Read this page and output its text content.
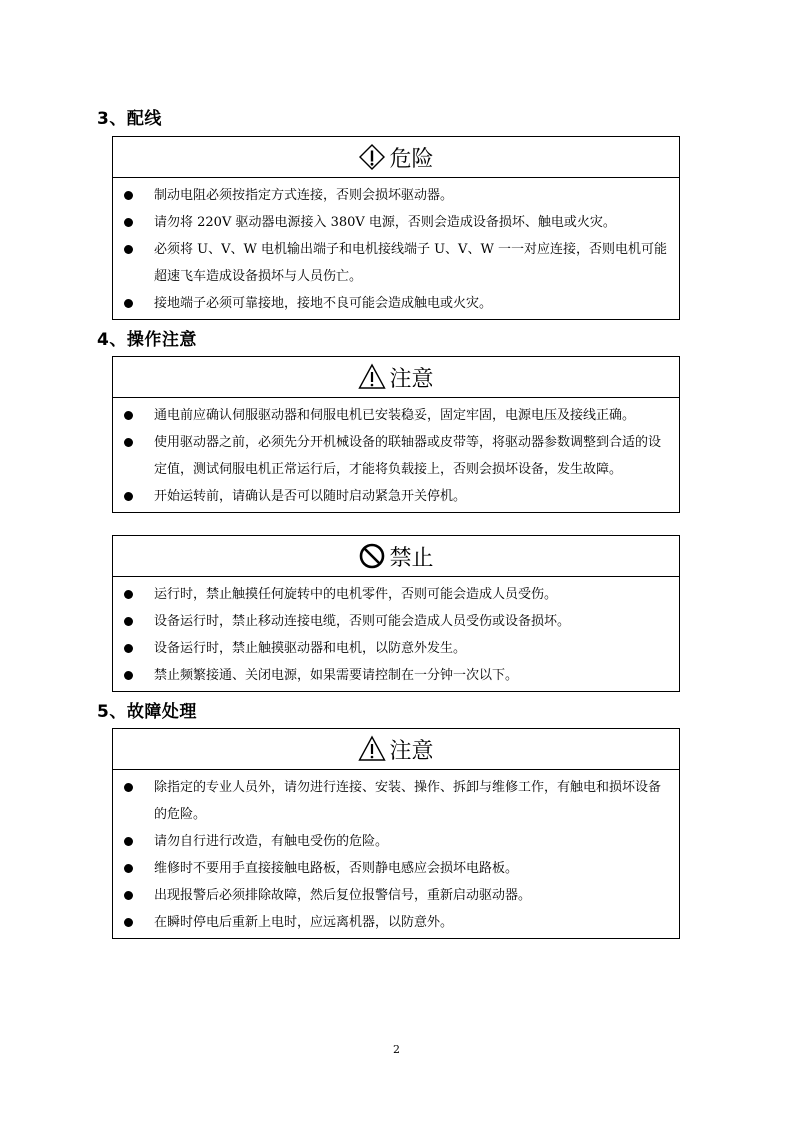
3、配线
危险
制动电阻必须按指定方式连接，否则会损坏驱动器。
请勿将 220V 驱动器电源接入 380V 电源，否则会造成设备损坏、触电或火灾。
必须将 U、V、W 电机输出端子和电机接线端子 U、V、W 一一对应连接，否则电机可能超速飞车造成设备损坏与人员伤亡。
接地端子必须可靠接地，接地不良可能会造成触电或火灾。
4、操作注意
注意
通电前应确认伺服驱动器和伺服电机已安装稳妥，固定牢固，电源电压及接线正确。
使用驱动器之前，必须先分开机械设备的联轴器或皮带等，将驱动器参数调整到合适的设定值，测试伺服电机正常运行后，才能将负载接上，否则会损坏设备，发生故障。
开始运转前，请确认是否可以随时启动紧急开关停机。
禁止
运行时，禁止触摸任何旋转中的电机零件，否则可能会造成人员受伤。
设备运行时，禁止移动连接电缆，否则可能会造成人员受伤或设备损坏。
设备运行时，禁止触摸驱动器和电机，以防意外发生。
禁止频繁接通、关闭电源，如果需要请控制在一分钟一次以下。
5、故障处理
注意
除指定的专业人员外，请勿进行连接、安装、操作、拆卸与维修工作，有触电和损坏设备的危险。
请勿自行进行改造，有触电受伤的危险。
维修时不要用手直接接触电路板，否则静电感应会损坏电路板。
出现报警后必须排除故障，然后复位报警信号，重新启动驱动器。
在瞬时停电后重新上电时，应远离机器，以防意外。
2
